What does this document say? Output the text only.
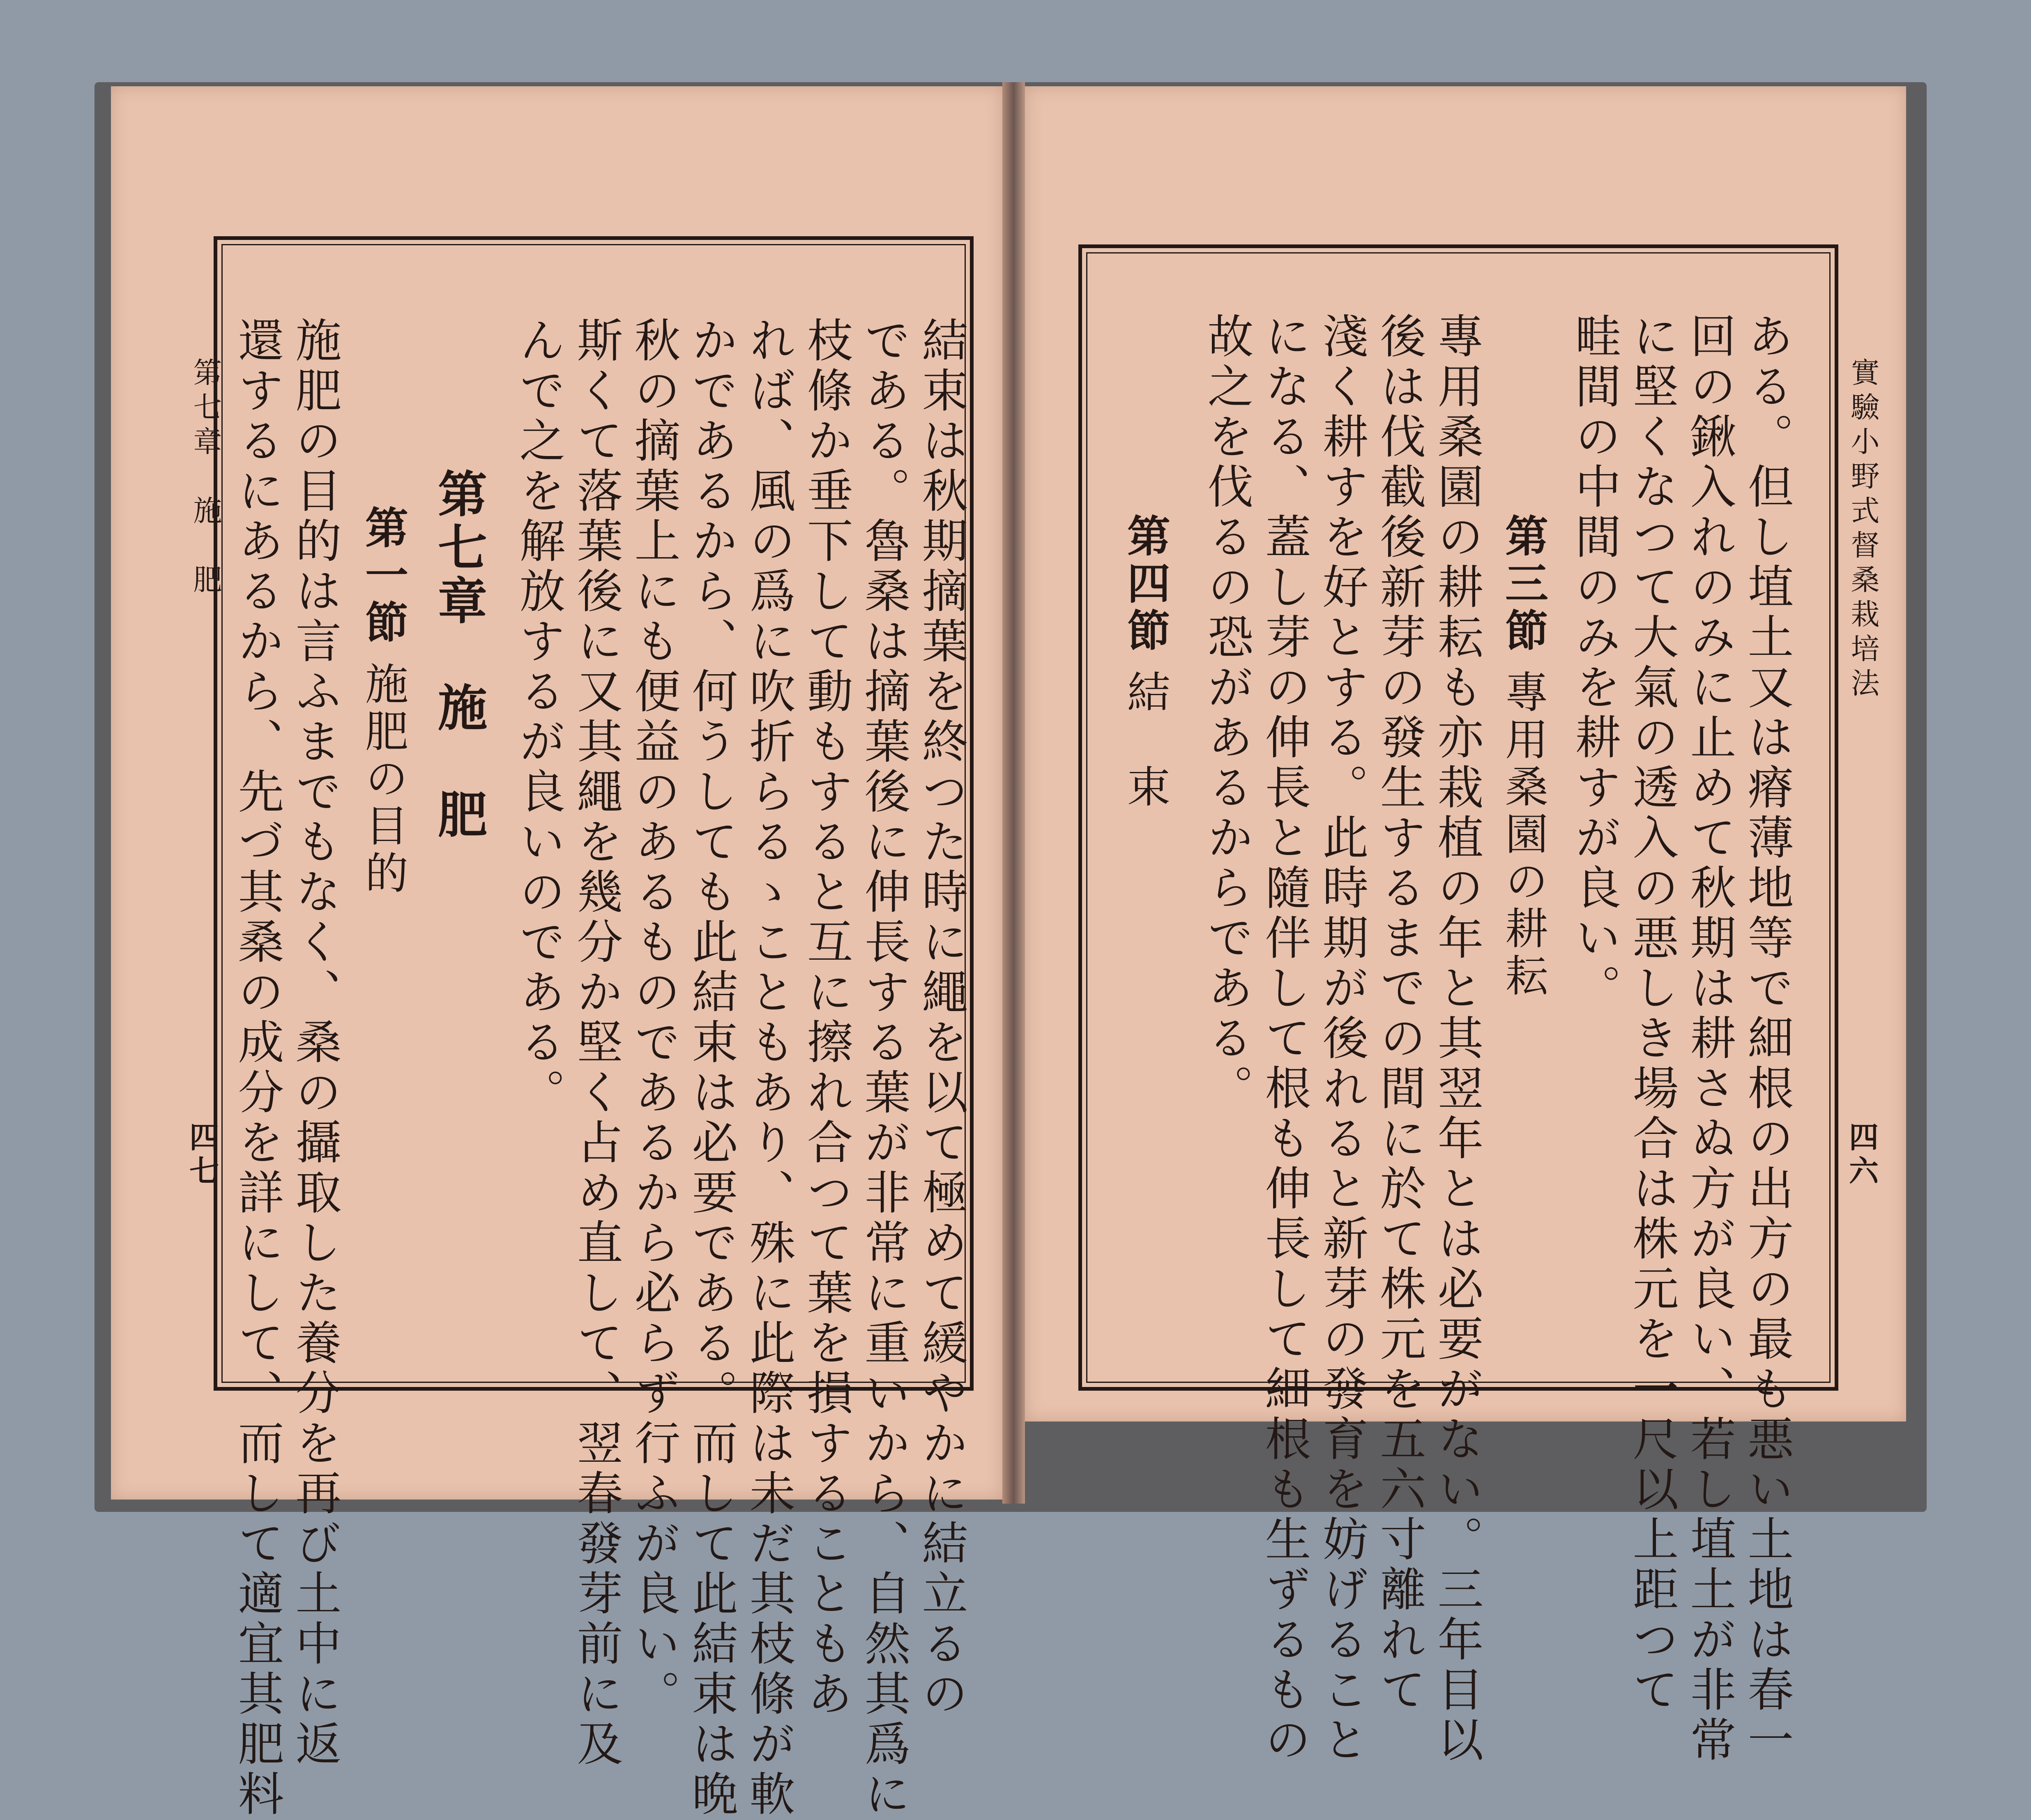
第七章　施　肥
四七	結束は秋期摘葉を終つた時に繩を以て極めて緩やかに結立るの
である。魯桑は摘葉後に伸長する葉が非常に重いから、自然其爲に
枝條か垂下して動もすると互に擦れ合つて葉を損することもあ
れば、風の爲に吹折らるゝこともあり、殊に此際は未だ其枝條が軟
かであるから、何うしても此結束は必要である。而して此結束は晩
秋の摘葉上にも便益のあるものであるから必らず行ふが良い。
斯くて落葉後に又其繩を幾分か堅く占め直して、翌春發芽前に及
んで之を解放するが良いのである。
第七章　施　肥
第一節
施肥の目的
施肥の目的は言ふまでもなく、桑の攝取した養分を再び土中に返
還するにあるから、先づ其桑の成分を詳にして、而して適宜其肥料	實驗小野式督桑栽培法
四六
ある。但し埴土又は瘠薄地等で細根の出方の最も悪い土地は春一
回の鍬入れのみに止めて秋期は耕さぬ方が良い、若し埴土が非常
に堅くなつて大氣の透入の悪しき場合は株元を一尺以上距つて
畦間の中間のみを耕すが良い。
第三節
專用桑園の耕耘
專用桑園の耕耘も亦栽植の年と其翌年とは必要がない。三年目以
後は伐截後新芽の發生するまでの間に於て株元を五六寸離れて
淺く耕すを好とする。此時期が後れると新芽の發育を妨げること
になる、蓋し芽の伸長と隨伴して根も伸長して細根も生ずるもの
故之を伐るの恐があるからである。
第四節
結　束
